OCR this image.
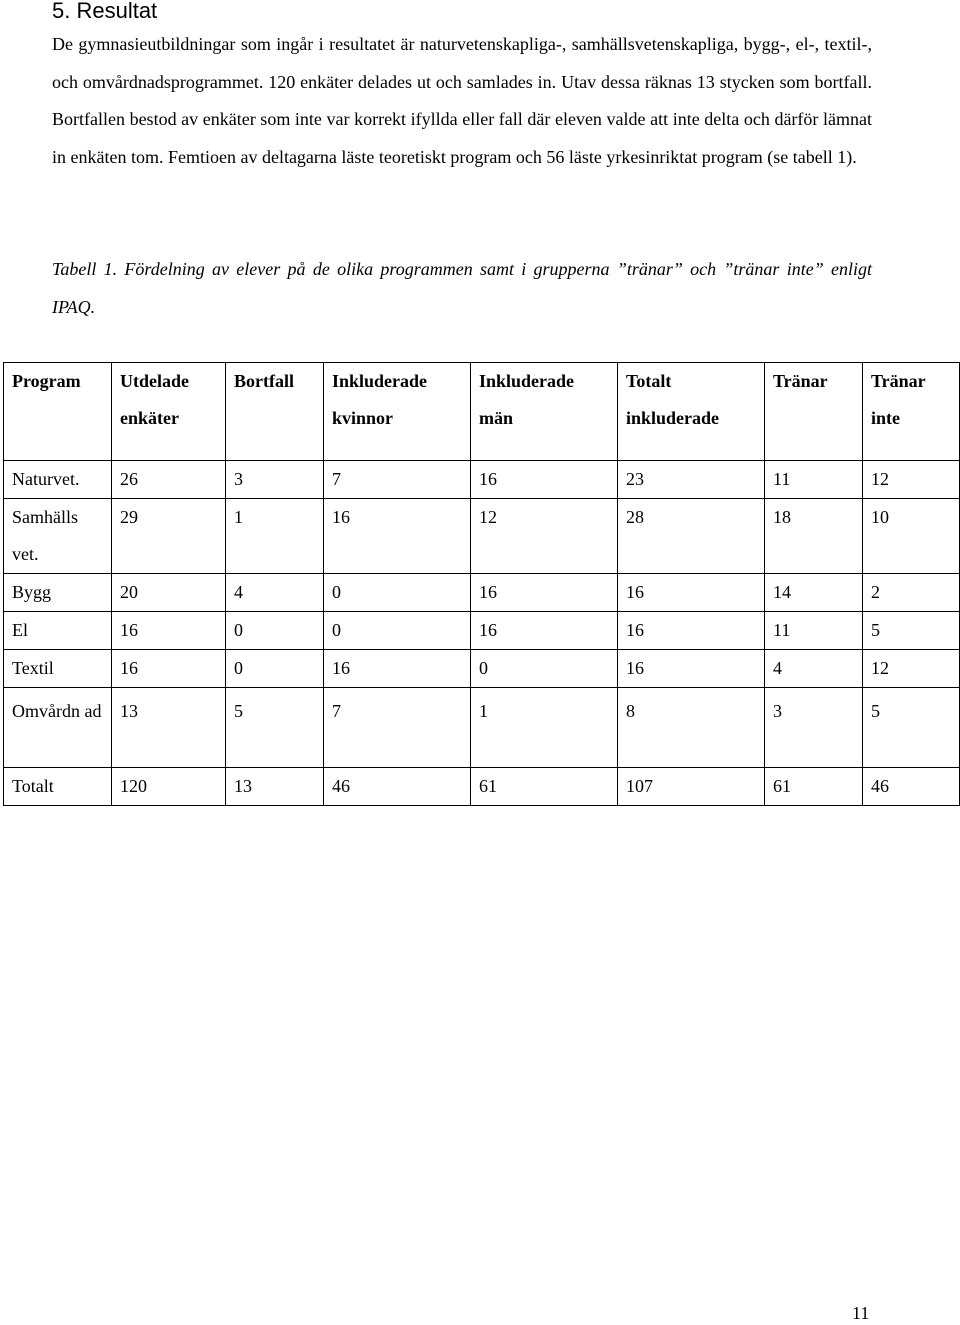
5. Resultat

De gymnasieutbildningar som ingår i resultatet är naturvetenskapliga-, samhällsvetenskapliga, bygg-, el-, textil-, och omvårdnadsprogrammet. 120 enkäter delades ut och samlades in. Utav dessa räknas 13 stycken som bortfall. Bortfallen bestod av enkäter som inte var korrekt ifyllda eller fall där eleven valde att inte delta och därför lämnat in enkäten tom. Femtioen av deltagarna läste teoretiskt program och 56 läste yrkesinriktat program (se tabell 1).

Tabell 1. Fördelning av elever på de olika programmen samt i grupperna ”tränar” och ”tränar inte” enligt IPAQ.

Program	Utdelade enkäter	Bortfall	Inkluderade kvinnor	Inkluderade män	Totalt inkluderade	Tränar	Tränar inte
Naturvet.	26	3	7	16	23	11	12
Samhälls vet.	29	1	16	12	28	18	10
Bygg	20	4	0	16	16	14	2
El	16	0	0	16	16	11	5
Textil	16	0	16	0	16	4	12
Omvårdn ad	13	5	7	1	8	3	5
Totalt	120	13	46	61	107	61	46
11
